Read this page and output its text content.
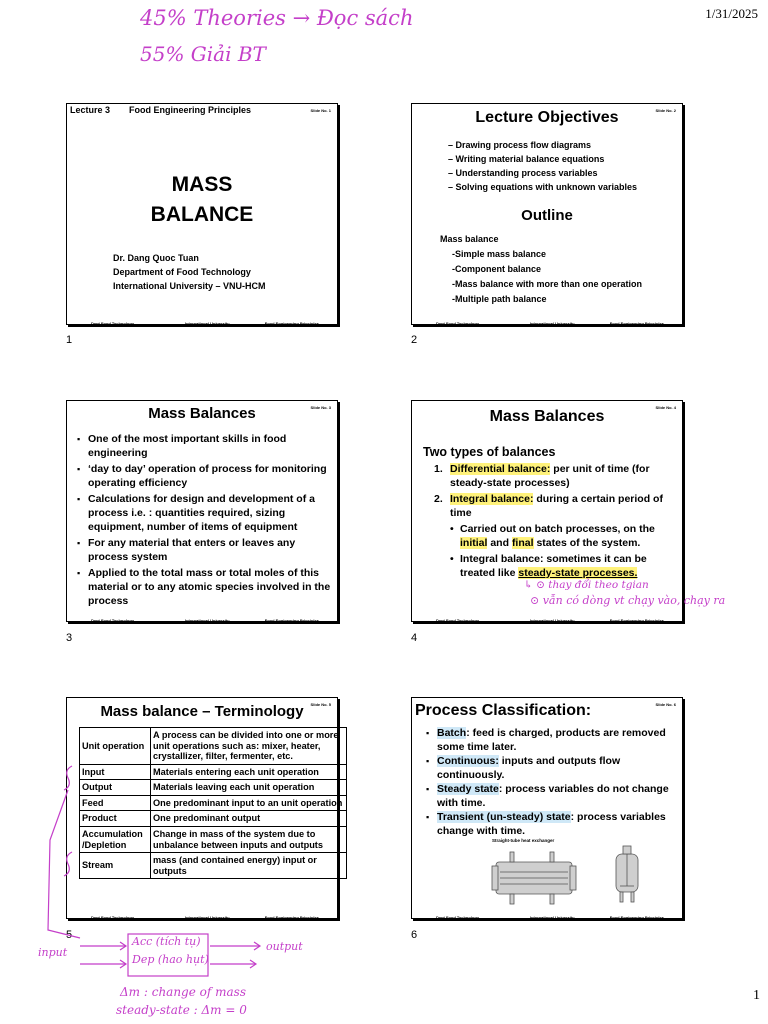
1/31/2025
45% Theories → Đọc sách
55% Giải BT
Slide No. 1
Lecture 3 Food Engineering Principles
MASS
BALANCE
Dr. Dang Quoc Tuan
Department of Food Technology
International University – VNU-HCM
Dept Food Technology	International University	Food Engineering Principles
1
Slide No. 2
Lecture Objectives
– Drawing process flow diagrams
– Writing material balance equations
– Understanding process variables
– Solving equations with unknown variables
Outline
Mass balance
-Simple mass balance
-Component balance
-Mass balance with more than one operation
-Multiple path balance
Dept Food Technology	International University	Food Engineering Principles
2
Slide No. 3
Mass Balances
▪ One of the most important skills in food engineering
▪ ‘day to day’ operation of process for monitoring operating efficiency
▪ Calculations for design and development of a process i.e. : quantities required, sizing equipment, number of items of equipment
▪ For any material that enters or leaves any process system
▪ Applied to the total mass or total moles of this material or to any atomic species involved in the process
Dept Food Technology	International University	Food Engineering Principles
3
Slide No. 4
Mass Balances
Two types of balances
1. Differential balance: per unit of time (for steady-state processes)
2. Integral balance: during a certain period of time
• Carried out on batch processes, on the initial and final states of the system.
• Integral balance: sometimes it can be treated like steady-state processes.
Dept Food Technology	International University	Food Engineering Principles
↳ ⊙ thay đổi theo tgian
⊙ vẫn có dòng vt chạy vào, chạy ra
4
Slide No. 5
Mass balance – Terminology
Unit operation	A process can be divided into one or more unit operations such as: mixer, heater, crystallizer, filter, fermenter, etc.
Input	Materials entering each unit operation
Output	Materials leaving each unit operation
Feed	One predominant input to an unit operation
Product	One predominant output
Accumulation /Depletion	Change in mass of the system due to unbalance between inputs and outputs
Stream	mass (and contained energy) input or outputs
Dept Food Technology	International University	Food Engineering Principles
5
input
Acc (tích tụ)
Dep (hao hụt)
output
Δm : change of mass
steady-state : Δm = 0
Slide No. 6
Process Classification:
▪ Batch: feed is charged, products are removed some time later.
▪ Continuous: inputs and outputs flow continuously.
▪ Steady state: process variables do not change with time.
▪ Transient (un-steady) state: process variables change with time.
Straight-tube heat exchanger
Dept Food Technology	International University	Food Engineering Principles
6
1
